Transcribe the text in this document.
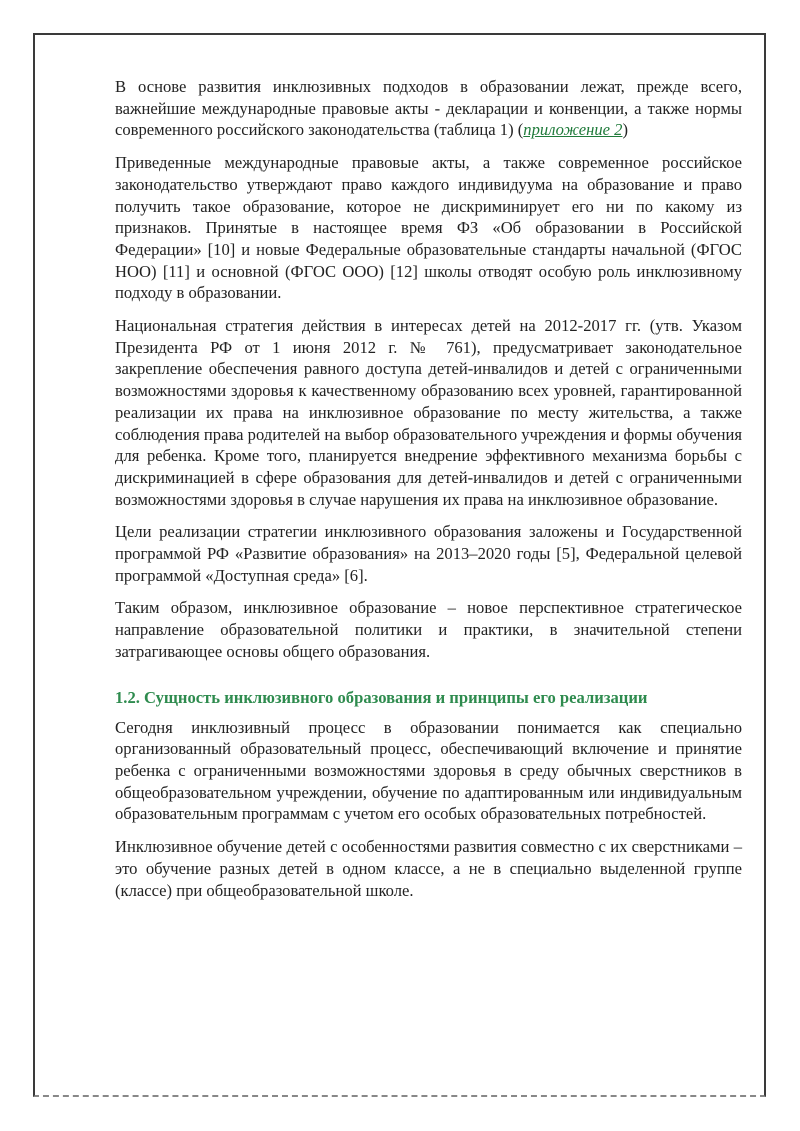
В основе развития инклюзивных подходов в образовании лежат, прежде всего, важнейшие международные правовые акты - декларации и конвенции, а также нормы современного российского законодательства (таблица 1) (приложение 2)

Приведенные международные правовые акты, а также современное российское законодательство утверждают право каждого индивидуума на образование и право получить такое образование, которое не дискриминирует его ни по какому из признаков. Принятые в настоящее время ФЗ «Об образовании в Российской Федерации» [10] и новые Федеральные образовательные стандарты начальной (ФГОС НОО) [11] и основной (ФГОС ООО) [12] школы отводят особую роль инклюзивному подходу в образовании.

Национальная стратегия действия в интересах детей на 2012-2017 гг. (утв. Указом Президента РФ от 1 июня 2012 г. № 761), предусматривает законодательное закрепление обеспечения равного доступа детей-инвалидов и детей с ограниченными возможностями здоровья к качественному образованию всех уровней, гарантированной реализации их права на инклюзивное образование по месту жительства, а также соблюдения права родителей на выбор образовательного учреждения и формы обучения для ребенка. Кроме того, планируется внедрение эффективного механизма борьбы с дискриминацией в сфере образования для детей-инвалидов и детей с ограниченными возможностями здоровья в случае нарушения их права на инклюзивное образование.

Цели реализации стратегии инклюзивного образования заложены и Государственной программой РФ «Развитие образования» на 2013–2020 годы [5], Федеральной целевой программой «Доступная среда» [6].

Таким образом, инклюзивное образование – новое перспективное стратегическое направление образовательной политики и практики, в значительной степени затрагивающее основы общего образования.

1.2. Сущность инклюзивного образования и принципы его реализации

Сегодня инклюзивный процесс в образовании понимается как специально организованный образовательный процесс, обеспечивающий включение и принятие ребенка с ограниченными возможностями здоровья в среду обычных сверстников в общеобразовательном учреждении, обучение по адаптированным или индивидуальным образовательным программам с учетом его особых образовательных потребностей.

Инклюзивное обучение детей с особенностями развития совместно с их сверстниками – это обучение разных детей в одном классе, а не в специально выделенной группе (классе) при общеобразовательной школе.
